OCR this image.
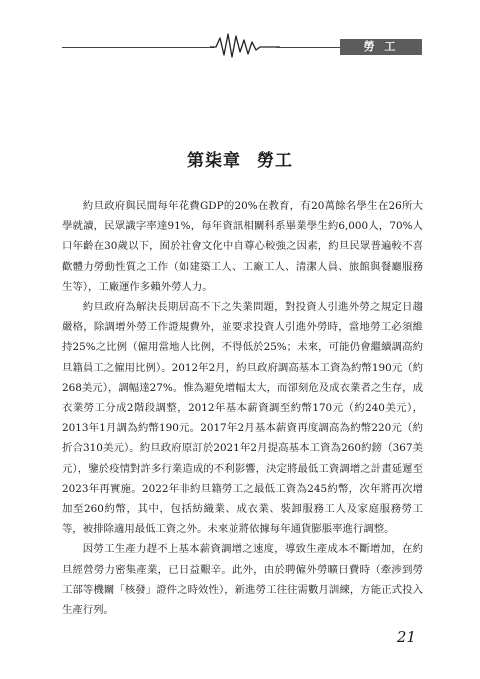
勞 工
第柒章 勞工

約旦政府與民間每年花費GDP的20%在教育，有20萬餘名學生在26所大學就讀，民眾識字率達91%，每年資訊相關科系畢業學生約6,000人，70%人口年齡在30歲以下，囿於社會文化中自尊心較強之因素，約旦民眾普遍較不喜歡體力勞動性質之工作（如建築工人、工廠工人、清潔人員、旅館與餐廳服務生等），工廠運作多賴外勞人力。

約旦政府為解決長期居高不下之失業問題，對投資人引進外勞之規定日趨嚴格，除調增外勞工作證規費外，並要求投資人引進外勞時，當地勞工必須維持25%之比例（僱用當地人比例，不得低於25%；未來，可能仍會繼續調高約旦籍員工之僱用比例）。2012年2月，約旦政府調高基本工資為約幣190元（約268美元），調幅達27%。惟為避免增幅太大，而卻刻危及成衣業者之生存，成衣業勞工分成2階段調整，2012年基本薪資調至約幣170元（約240美元），2013年1月調為約幣190元。2017年2月基本薪資再度調高為約幣220元（約折合310美元）。約旦政府原訂於2021年2月提高基本工資為260約鎊（367美元），鑒於疫情對許多行業造成的不利影響，決定將最低工資調增之計畫延遲至2023年再實施。2022年非約旦籍勞工之最低工資為245約幣，次年將再次增加至260約幣，其中，包括紡織業、成衣業、裝卸服務工人及家庭服務勞工等，被排除適用最低工資之外。未來並將依據每年通貨膨脹率進行調整。

因勞工生產力趕不上基本薪資調增之速度，導致生產成本不斷增加，在約旦經營勞力密集產業，已日益艱辛。此外，由於聘僱外勞曠日費時（牽涉到勞工部等機關「核發」證件之時效性），新進勞工往往需數月訓練，方能正式投入生產行列。

21
